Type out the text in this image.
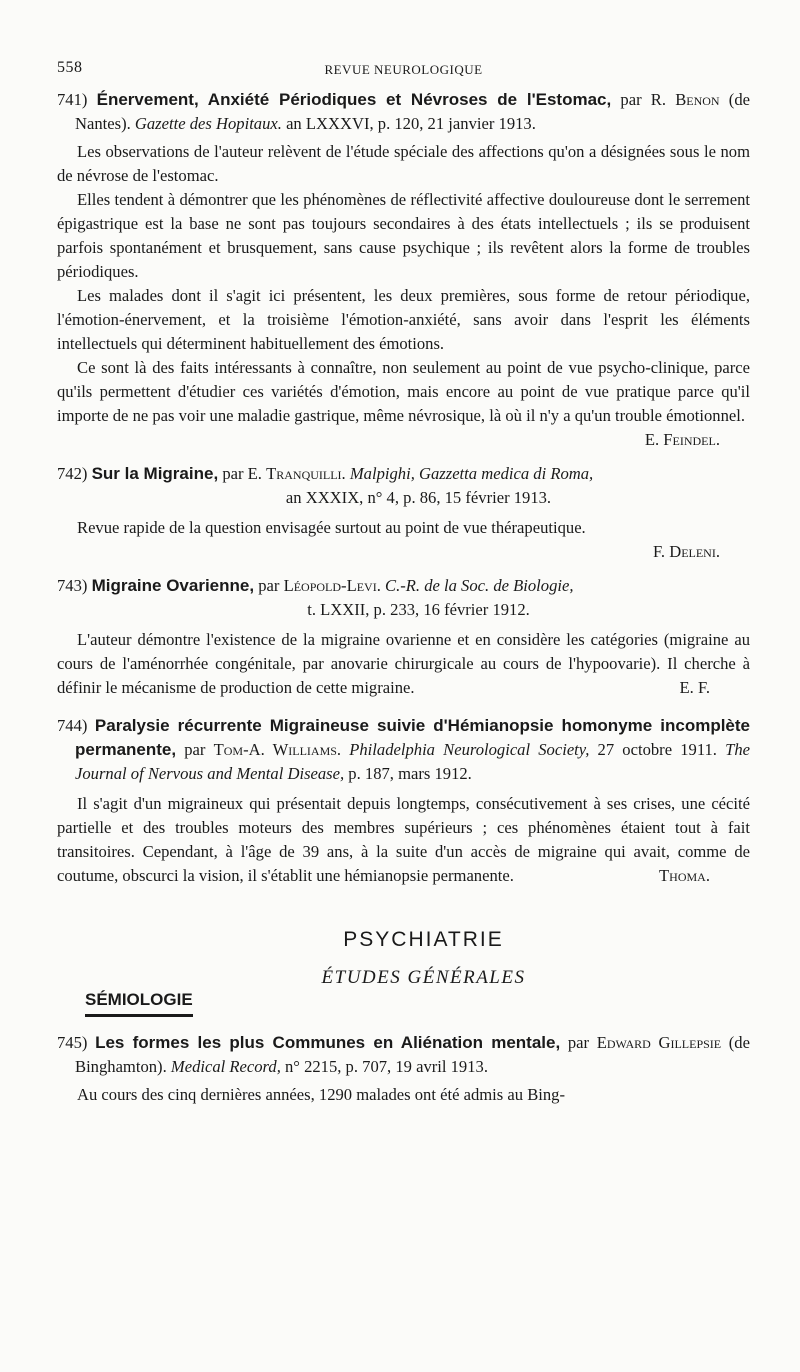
558	REVUE NEUROLOGIQUE
741) Énervement, Anxiété Périodiques et Névroses de l'Estomac, par R. Benon (de Nantes). Gazette des Hopitaux. an LXXXVI, p. 120, 21 janvier 1913.

Les observations de l'auteur relèvent de l'étude spéciale des affections qu'on a désignées sous le nom de névrose de l'estomac.

Elles tendent à démontrer que les phénomènes de réflectivité affective douloureuse dont le serrement épigastrique est la base ne sont pas toujours secondaires à des états intellectuels ; ils se produisent parfois spontanément et brusquement, sans cause psychique ; ils revêtent alors la forme de troubles périodiques.

Les malades dont il s'agit ici présentent, les deux premières, sous forme de retour périodique, l'émotion-énervement, et la troisième l'émotion-anxiété, sans avoir dans l'esprit les éléments intellectuels qui déterminent habituellement des émotions.

Ce sont là des faits intéressants à connaître, non seulement au point de vue psycho-clinique, parce qu'ils permettent d'étudier ces variétés d'émotion, mais encore au point de vue pratique parce qu'il importe de ne pas voir une maladie gastrique, même névrosique, là où il n'y a qu'un trouble émotionnel.

E. Feindel.
742) Sur la Migraine, par E. Tranquilli. Malpighi, Gazzetta medica di Roma,
an XXXIX, n° 4, p. 86, 15 février 1913.

Revue rapide de la question envisagée surtout au point de vue thérapeutique.

F. Deleni.
743) Migraine Ovarienne, par Léopold-Levi. C.-R. de la Soc. de Biologie,
t. LXXII, p. 233, 16 février 1912.

L'auteur démontre l'existence de la migraine ovarienne et en considère les catégories (migraine au cours de l'aménorrhée congénitale, par anovarie chirurgicale au cours de l'hypoovarie). Il cherche à définir le mécanisme de production de cette migraine.	E. F.

744) Paralysie récurrente Migraineuse suivie d'Hémianopsie homonyme incomplète permanente, par Tom-A. Williams. Philadelphia Neurological Society, 27 octobre 1911. The Journal of Nervous and Mental Disease, p. 187, mars 1912.

Il s'agit d'un migraineux qui présentait depuis longtemps, consécutivement à ses crises, une cécité partielle et des troubles moteurs des membres supérieurs ; ces phénomènes étaient tout à fait transitoires. Cependant, à l'âge de 39 ans, à la suite d'un accès de migraine qui avait, comme de coutume, obscurci la vision, il s'établit une hémianopsie permanente.	Thoma.

PSYCHIATRIE
ÉTUDES GÉNÉRALES
SÉMIOLOGIE
745) Les formes les plus Communes en Aliénation mentale, par Edward Gillepsie (de Binghamton). Medical Record, n° 2215, p. 707, 19 avril 1913.

Au cours des cinq dernières années, 1290 malades ont été admis au Bing-
